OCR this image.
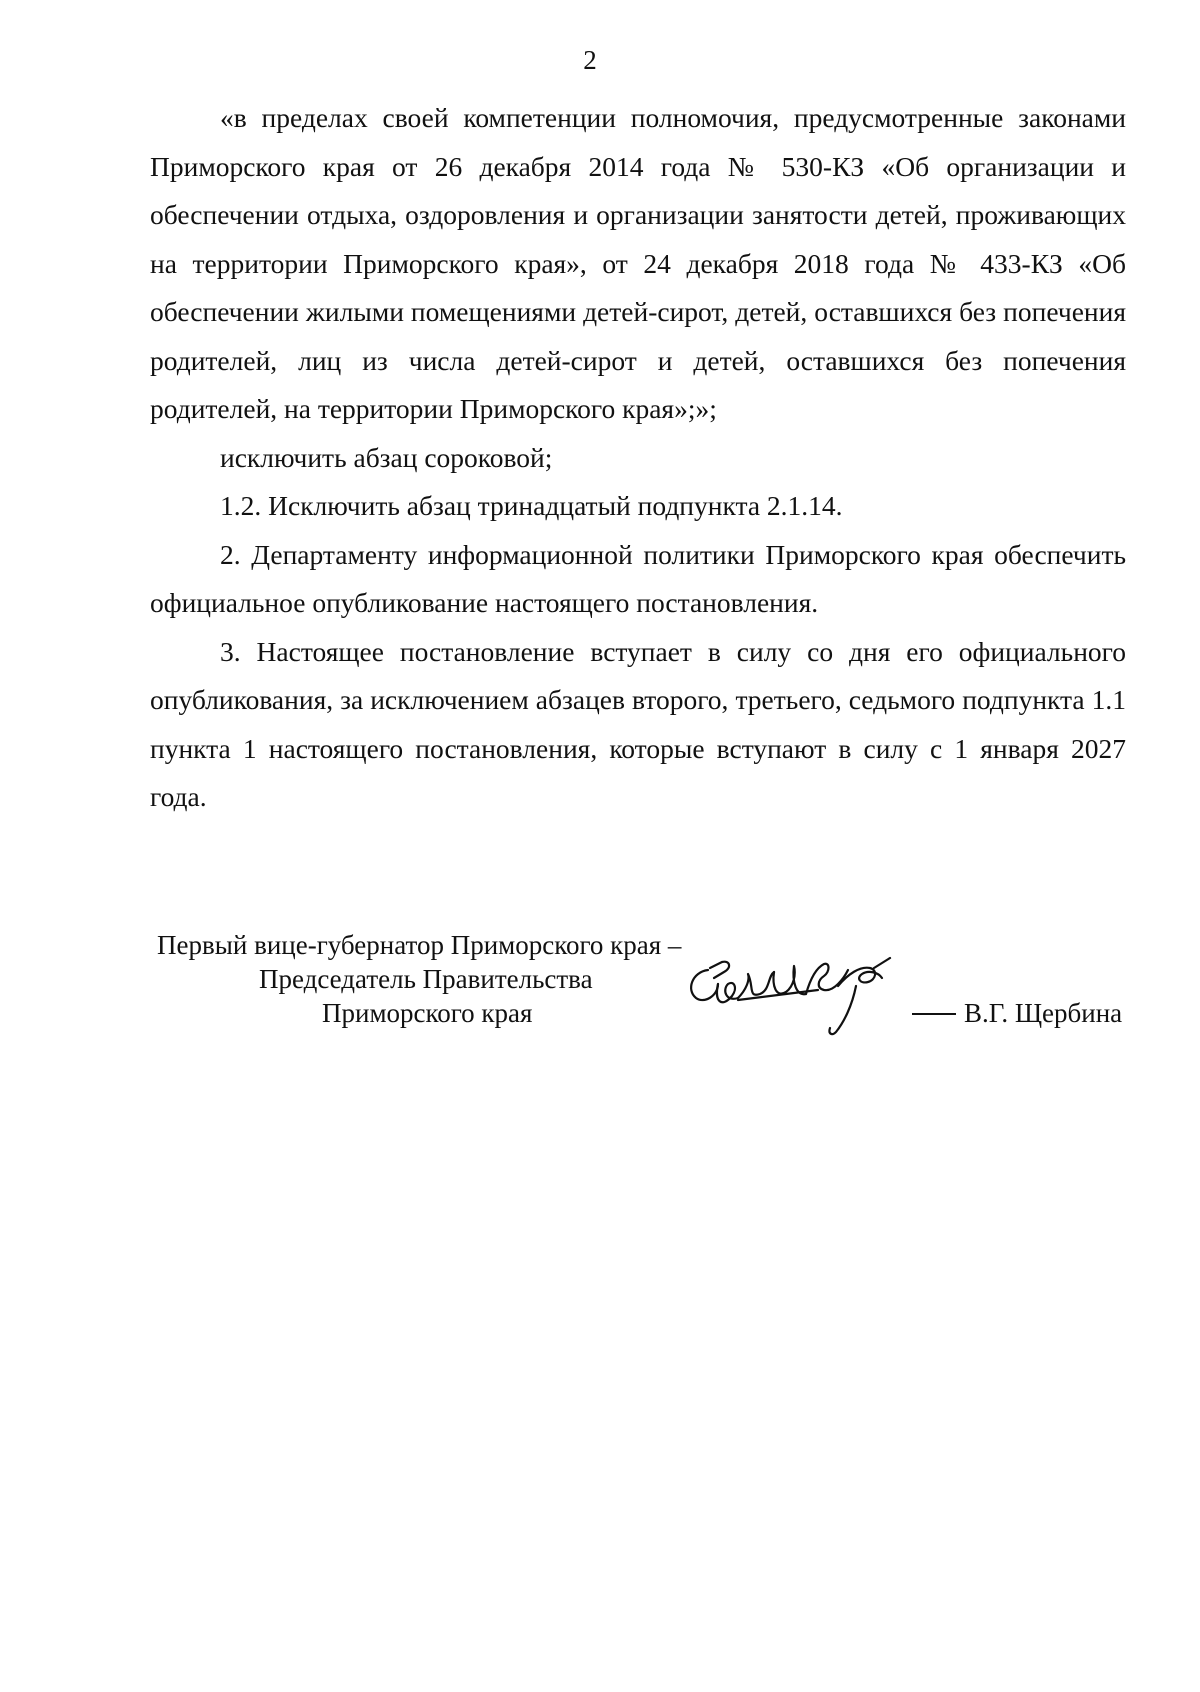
2

«в пределах своей компетенции полномочия, предусмотренные законами Приморского края от 26 декабря 2014 года № 530-КЗ «Об организации и обеспечении отдыха, оздоровления и организации занятости детей, проживающих на территории Приморского края», от 24 декабря 2018 года № 433-КЗ «Об обеспечении жилыми помещениями детей-сирот, детей, оставшихся без попечения родителей, лиц из числа детей-сирот и детей, оставшихся без попечения родителей, на территории Приморского края»;»;

исключить абзац сороковой;

1.2. Исключить абзац тринадцатый подпункта 2.1.14.

2. Департаменту информационной политики Приморского края обеспечить официальное опубликование настоящего постановления.

3. Настоящее постановление вступает в силу со дня его официального опубликования, за исключением абзацев второго, третьего, седьмого подпункта 1.1 пункта 1 настоящего постановления, которые вступают в силу с 1 января 2027 года.

Первый вице-губернатор Приморского края –
Председатель Правительства
Приморского края	В.Г. Щербина
